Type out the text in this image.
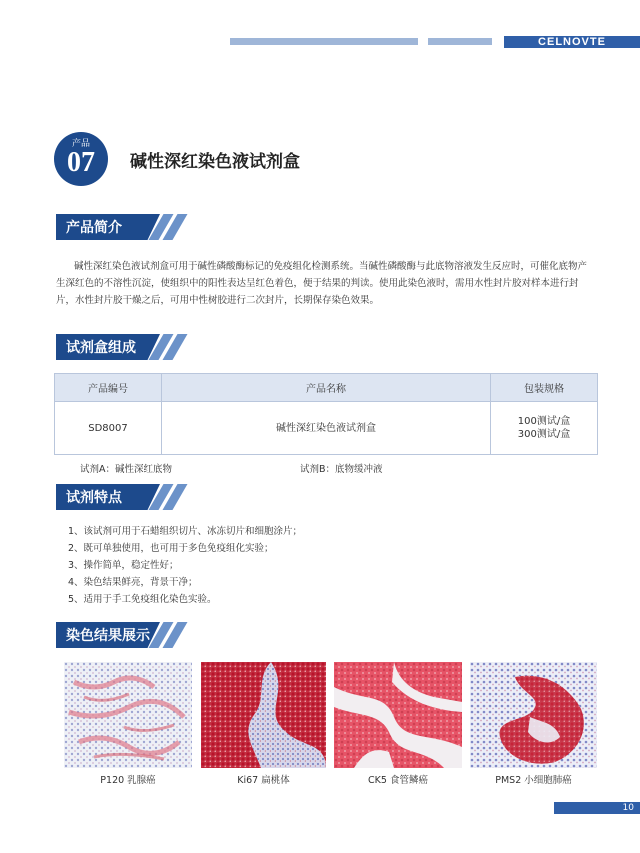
CELNOVTE
产品
07 碱性深红染色液试剂盒
产品简介
碱性深红染色液试剂盒可用于碱性磷酸酶标记的免疫组化检测系统。当碱性磷酸酶与此底物溶液发生反应时，可催化底物产生深红色的不溶性沉淀，使组织中的阳性表达呈红色着色，便于结果的判读。使用此染色液时，需用水性封片胶对样本进行封片，水性封片胶干燥之后，可用中性树胶进行二次封片，长期保存染色效果。
试剂盒组成
产品编号	产品名称	包装规格
SD8007	碱性深红染色液试剂盒	100测试/盒
300测试/盒
试剂A：碱性深红底物	试剂B：底物缓冲液
试剂特点
1、该试剂可用于石蜡组织切片、冰冻切片和细胞涂片；
2、既可单独使用，也可用于多色免疫组化实验；
3、操作简单，稳定性好；
4、染色结果鲜亮，背景干净；
5、适用于手工免疫组化染色实验。
染色结果展示
P120 乳腺癌	Ki67 扁桃体	CK5 食管鳞癌	PMS2 小细胞肺癌
10
